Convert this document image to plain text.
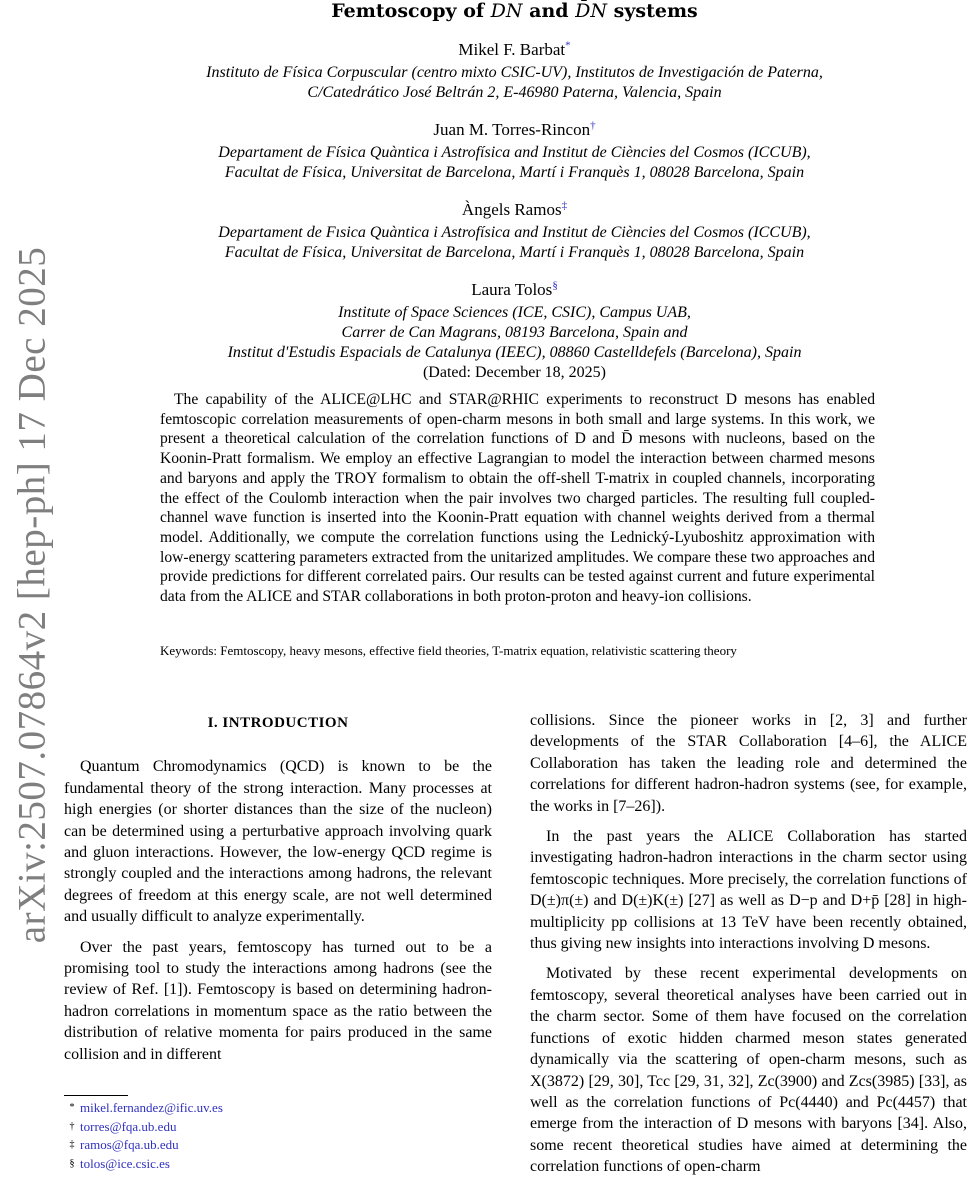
arXiv:2507.07864v2 [hep-ph] 17 Dec 2025
Femtoscopy of DN and D̄N systems
Mikel F. Barbat*
Instituto de Física Corpuscular (centro mixto CSIC-UV), Institutos de Investigación de Paterna,
C/Catedrático José Beltrán 2, E-46980 Paterna, Valencia, Spain
Juan M. Torres-Rincon†
Departament de Física Quàntica i Astrofísica and Institut de Ciències del Cosmos (ICCUB),
Facultat de Física, Universitat de Barcelona, Martí i Franquès 1, 08028 Barcelona, Spain
Àngels Ramos‡
Departament de Fısica Quàntica i Astrofísica and Institut de Ciències del Cosmos (ICCUB),
Facultat de Física, Universitat de Barcelona, Martí i Franquès 1, 08028 Barcelona, Spain
Laura Tolos§
Institute of Space Sciences (ICE, CSIC), Campus UAB,
Carrer de Can Magrans, 08193 Barcelona, Spain and
Institut d'Estudis Espacials de Catalunya (IEEC), 08860 Castelldefels (Barcelona), Spain
(Dated: December 18, 2025)
The capability of the ALICE@LHC and STAR@RHIC experiments to reconstruct D mesons has enabled femtoscopic correlation measurements of open-charm mesons in both small and large systems. In this work, we present a theoretical calculation of the correlation functions of D and D̄ mesons with nucleons, based on the Koonin-Pratt formalism. We employ an effective Lagrangian to model the interaction between charmed mesons and baryons and apply the TROY formalism to obtain the off-shell T-matrix in coupled channels, incorporating the effect of the Coulomb interaction when the pair involves two charged particles. The resulting full coupled-channel wave function is inserted into the Koonin-Pratt equation with channel weights derived from a thermal model. Additionally, we compute the correlation functions using the Lednický-Lyuboshitz approximation with low-energy scattering parameters extracted from the unitarized amplitudes. We compare these two approaches and provide predictions for different correlated pairs. Our results can be tested against current and future experimental data from the ALICE and STAR collaborations in both proton-proton and heavy-ion collisions.
Keywords: Femtoscopy, heavy mesons, effective field theories, T-matrix equation, relativistic scattering theory
I. INTRODUCTION

Quantum Chromodynamics (QCD) is known to be the fundamental theory of the strong interaction. Many processes at high energies (or shorter distances than the size of the nucleon) can be determined using a perturbative approach involving quark and gluon interactions. However, the low-energy QCD regime is strongly coupled and the interactions among hadrons, the relevant degrees of freedom at this energy scale, are not well determined and usually difficult to analyze experimentally.

Over the past years, femtoscopy has turned out to be a promising tool to study the interactions among hadrons (see the review of Ref. [1]). Femtoscopy is based on determining hadron-hadron correlations in momentum space as the ratio between the distribution of relative momenta for pairs produced in the same collision and in different

collisions. Since the pioneer works in [2, 3] and further developments of the STAR Collaboration [4–6], the ALICE Collaboration has taken the leading role and determined the correlations for different hadron-hadron systems (see, for example, the works in [7–26]).

In the past years the ALICE Collaboration has started investigating hadron-hadron interactions in the charm sector using femtoscopic techniques. More precisely, the correlation functions of D(±)π(±) and D(±)K(±) [27] as well as D−p and D+p̄ [28] in high-multiplicity pp collisions at 13 TeV have been recently obtained, thus giving new insights into interactions involving D mesons.

Motivated by these recent experimental developments on femtoscopy, several theoretical analyses have been carried out in the charm sector. Some of them have focused on the correlation functions of exotic hidden charmed meson states generated dynamically via the scattering of open-charm mesons, such as X(3872) [29, 30], Tcc [29, 31, 32], Zc(3900) and Zcs(3985) [33], as well as the correlation functions of Pc(4440) and Pc(4457) that emerge from the interaction of D mesons with baryons [34]. Also, some recent theoretical studies have aimed at determining the correlation functions of open-charm

* mikel.fernandez@ific.uv.es
† torres@fqa.ub.edu
‡ ramos@fqa.ub.edu
§ tolos@ice.csic.es
